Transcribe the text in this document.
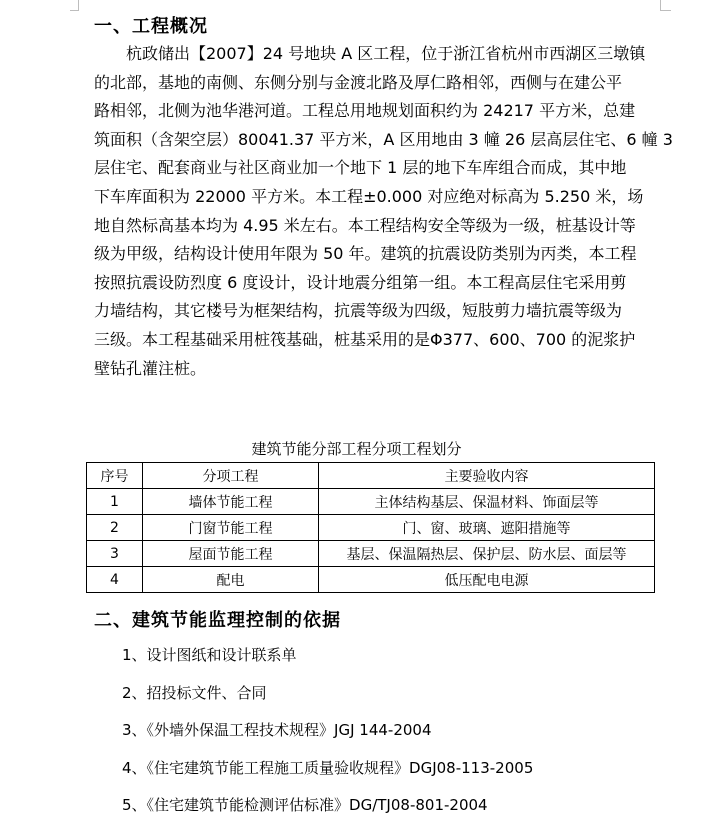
一、工程概况
杭政储出【2007】24 号地块 A 区工程，位于浙江省杭州市西湖区三墩镇
的北部，基地的南侧、东侧分别与金渡北路及厚仁路相邻，西侧与在建公平
路相邻，北侧为池华港河道。工程总用地规划面积约为 24217 平方米，总建
筑面积（含架空层）80041.37 平方米，A 区用地由 3 幢 26 层高层住宅、6 幢 3
层住宅、配套商业与社区商业加一个地下 1 层的地下车库组合而成，其中地
下车库面积为 22000 平方米。本工程±0.000 对应绝对标高为 5.250 米，场
地自然标高基本均为 4.95 米左右。本工程结构安全等级为一级，桩基设计等
级为甲级，结构设计使用年限为 50 年。建筑的抗震设防类别为丙类，本工程
按照抗震设防烈度 6 度设计，设计地震分组第一组。本工程高层住宅采用剪
力墙结构，其它楼号为框架结构，抗震等级为四级，短肢剪力墙抗震等级为
三级。本工程基础采用桩筏基础，桩基采用的是Φ377、600、700 的泥浆护
壁钻孔灌注桩。
建筑节能分部工程分项工程划分
序号	分项工程	主要验收内容
1	墙体节能工程	主体结构基层、保温材料、饰面层等
2	门窗节能工程	门、窗、玻璃、遮阳措施等
3	屋面节能工程	基层、保温隔热层、保护层、防水层、面层等
4	配电	低压配电电源
二、建筑节能监理控制的依据
1、设计图纸和设计联系单
2、招投标文件、合同
3、《外墙外保温工程技术规程》JGJ 144-2004
4、《住宅建筑节能工程施工质量验收规程》DGJ08-113-2005
5、《住宅建筑节能检测评估标准》DG/TJ08-801-2004
